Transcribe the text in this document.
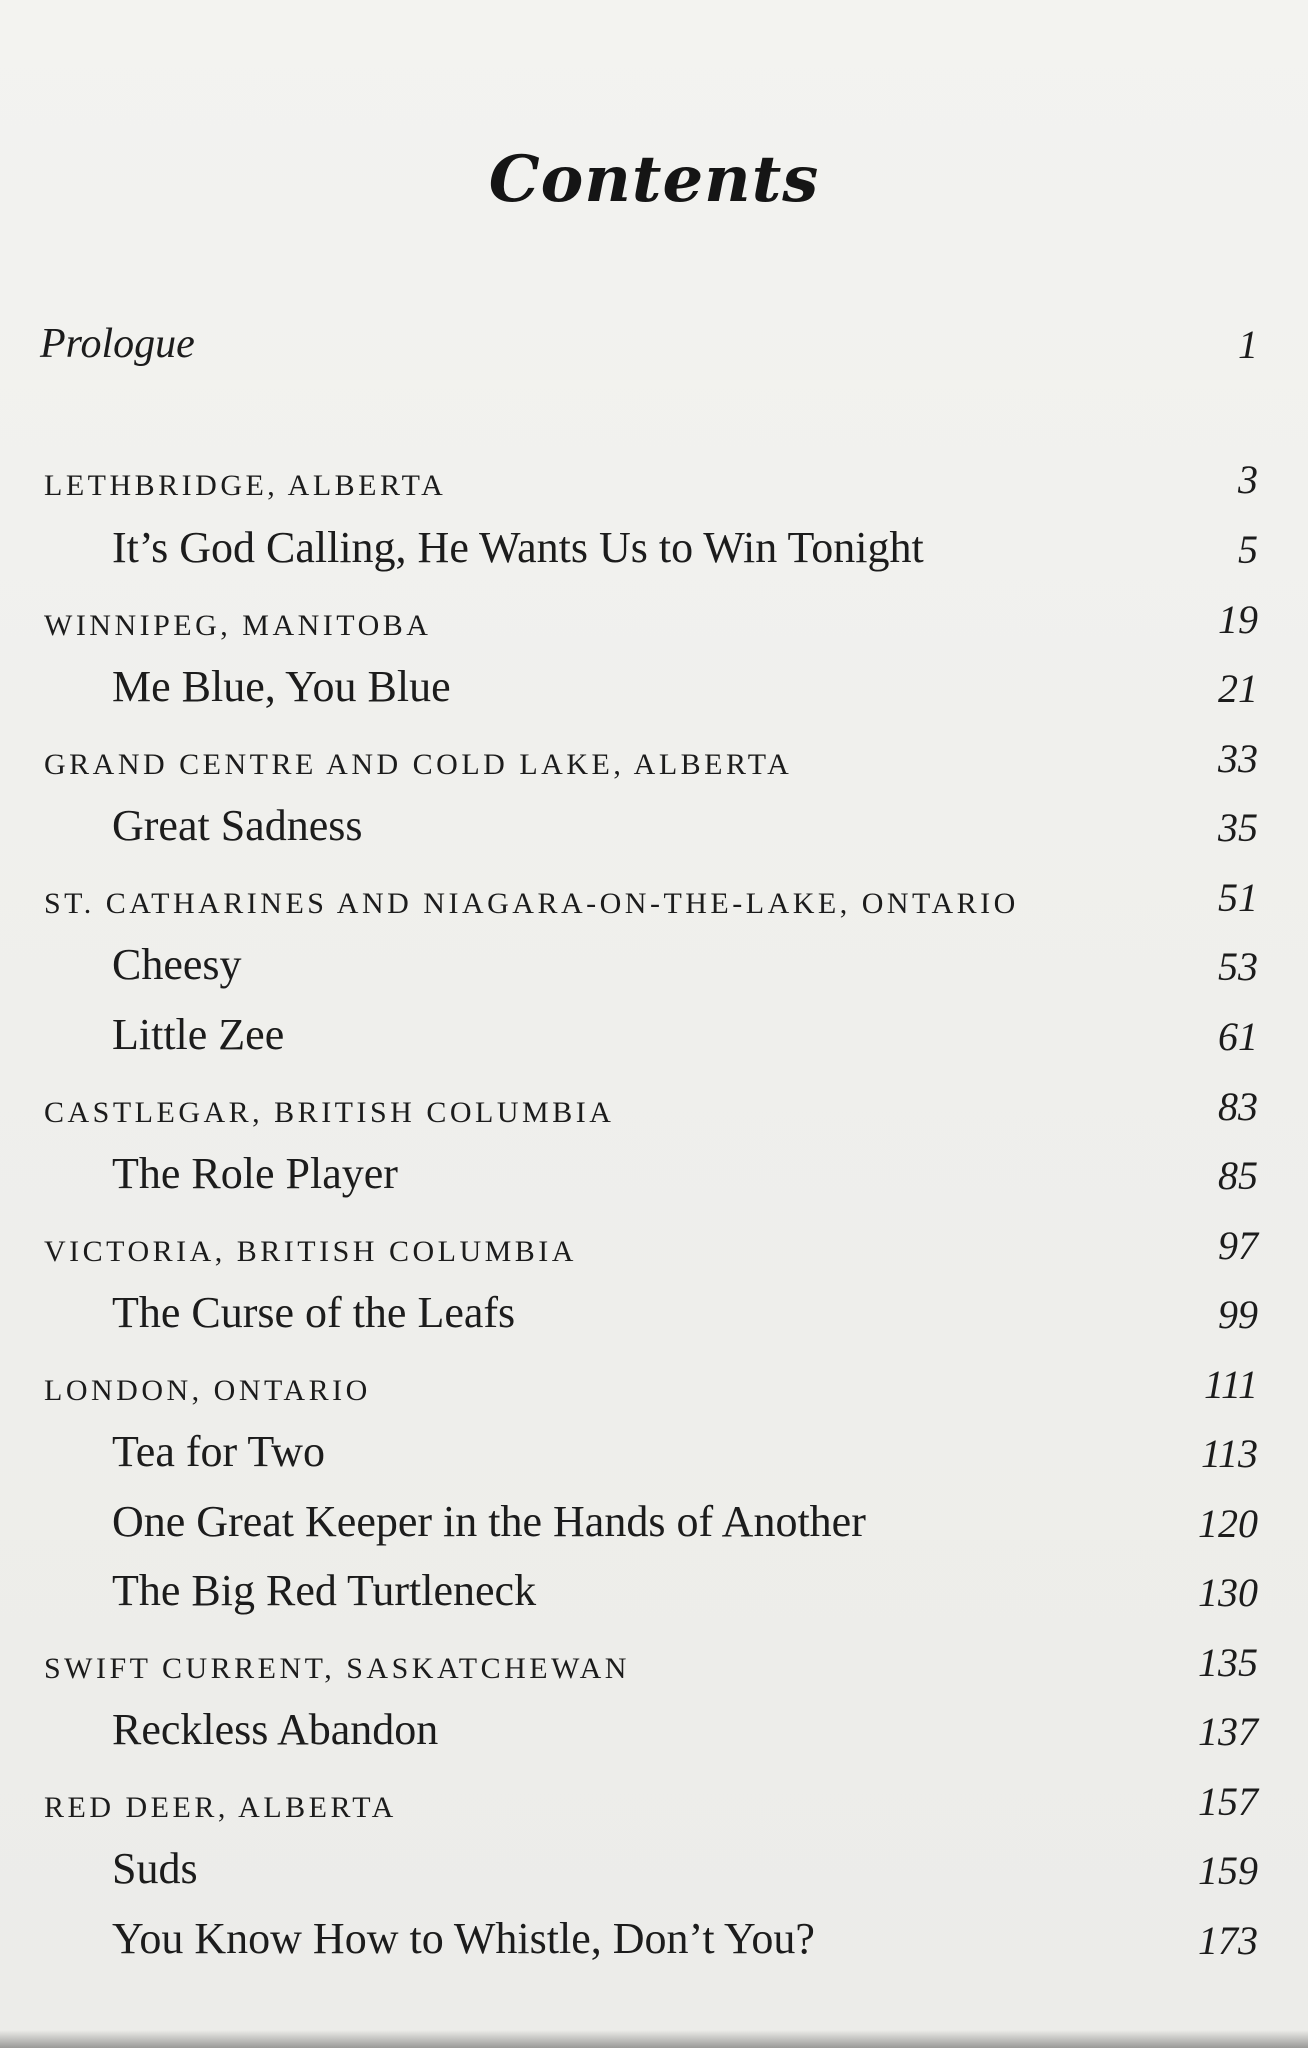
Contents
Prologue	1
LETHBRIDGE, ALBERTA	3
It’s God Calling, He Wants Us to Win Tonight	5
WINNIPEG, MANITOBA	19
Me Blue, You Blue	21
GRAND CENTRE AND COLD LAKE, ALBERTA	33
Great Sadness	35
ST. CATHARINES AND NIAGARA-ON-THE-LAKE, ONTARIO	51
Cheesy	53
Little Zee	61
CASTLEGAR, BRITISH COLUMBIA	83
The Role Player	85
VICTORIA, BRITISH COLUMBIA	97
The Curse of the Leafs	99
LONDON, ONTARIO	111
Tea for Two	113
One Great Keeper in the Hands of Another	120
The Big Red Turtleneck	130
SWIFT CURRENT, SASKATCHEWAN	135
Reckless Abandon	137
RED DEER, ALBERTA	157
Suds	159
You Know How to Whistle, Don’t You?	173
